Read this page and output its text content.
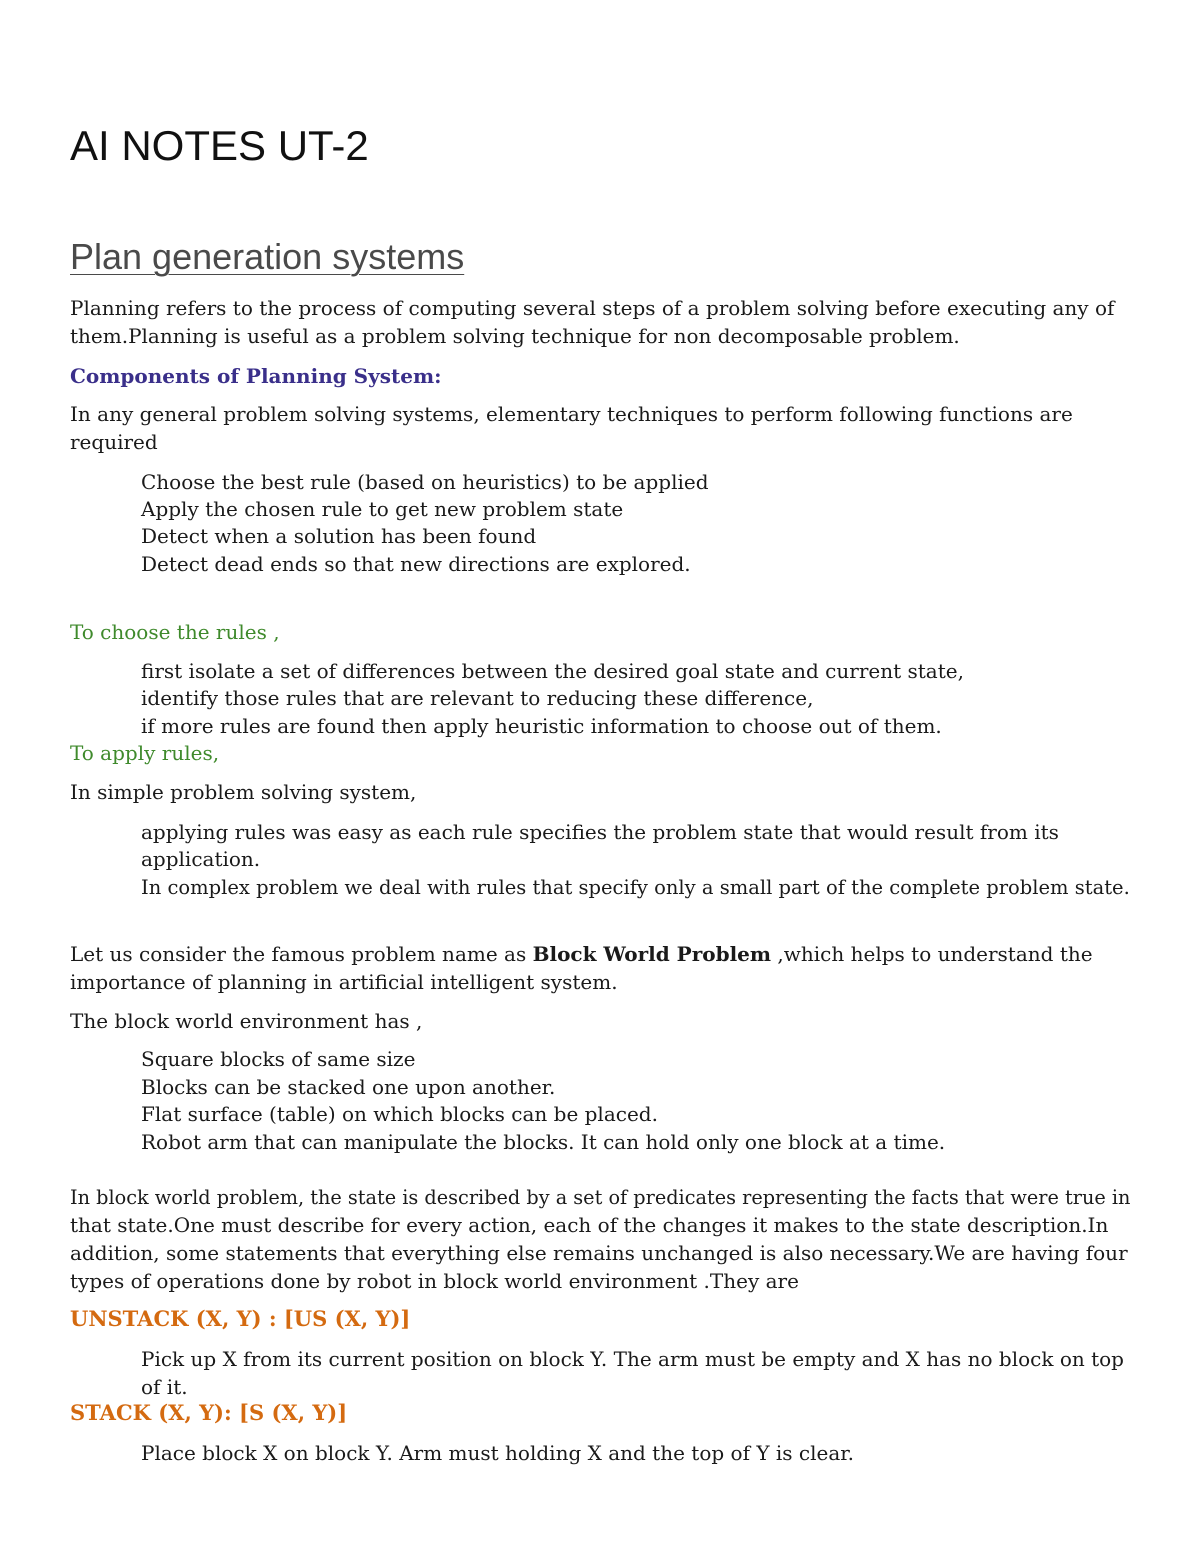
AI NOTES UT-2
Plan generation systems
Planning refers to the process of computing several steps of a problem solving before executing any of
them.Planning is useful as a problem solving technique for non decomposable problem.
Components of Planning System:
In any general problem solving systems, elementary techniques to perform following functions are
required
Choose the best rule (based on heuristics) to be applied
Apply the chosen rule to get new problem state
Detect when a solution has been found
Detect dead ends so that new directions are explored.
To choose the rules ,
first isolate a set of differences between the desired goal state and current state,
identify those rules that are relevant to reducing these difference,
if more rules are found then apply heuristic information to choose out of them.
To apply rules,
In simple problem solving system,
applying rules was easy as each rule specifies the problem state that would result from its
application.
In complex problem we deal with rules that specify only a small part of the complete problem state.
Let us consider the famous problem name as Block World Problem ,which helps to understand the
importance of planning in artificial intelligent system.
The block world environment has ,
Square blocks of same size
Blocks can be stacked one upon another.
Flat surface (table) on which blocks can be placed.
Robot arm that can manipulate the blocks. It can hold only one block at a time.
In block world problem, the state is described by a set of predicates representing the facts that were true in
that state.One must describe for every action, each of the changes it makes to the state description.In
addition, some statements that everything else remains unchanged is also necessary.We are having four
types of operations done by robot in block world environment .They are
UNSTACK (X, Y) : [US (X, Y)]
Pick up X from its current position on block Y. The arm must be empty and X has no block on top
of it.
STACK (X, Y): [S (X, Y)]
Place block X on block Y. Arm must holding X and the top of Y is clear.
